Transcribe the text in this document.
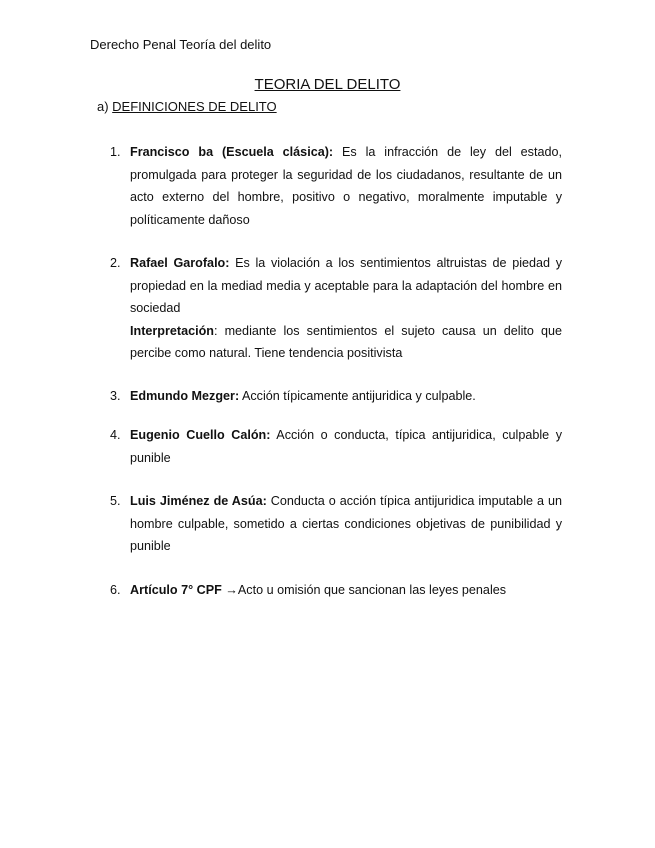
Derecho Penal Teoría del delito
TEORIA DEL DELITO
a) DEFINICIONES DE DELITO
1. Francisco ba (Escuela clásica): Es la infracción de ley del estado, promulgada para proteger la seguridad de los ciudadanos, resultante de un acto externo del hombre, positivo o negativo, moralmente imputable y políticamente dañoso
2. Rafael Garofalo: Es la violación a los sentimientos altruistas de piedad y propiedad en la mediad media y aceptable para la adaptación del hombre en sociedad
Interpretación: mediante los sentimientos el sujeto causa un delito que percibe como natural. Tiene tendencia positivista
3. Edmundo Mezger: Acción típicamente antijuridica y culpable.
4. Eugenio Cuello Calón: Acción o conducta, típica antijuridica, culpable y punible
5. Luis Jiménez de Asúa: Conducta o acción típica antijuridica imputable a un hombre culpable, sometido a ciertas condiciones objetivas de punibilidad y punible
6. Artículo 7° CPF →Acto u omisión que sancionan las leyes penales
